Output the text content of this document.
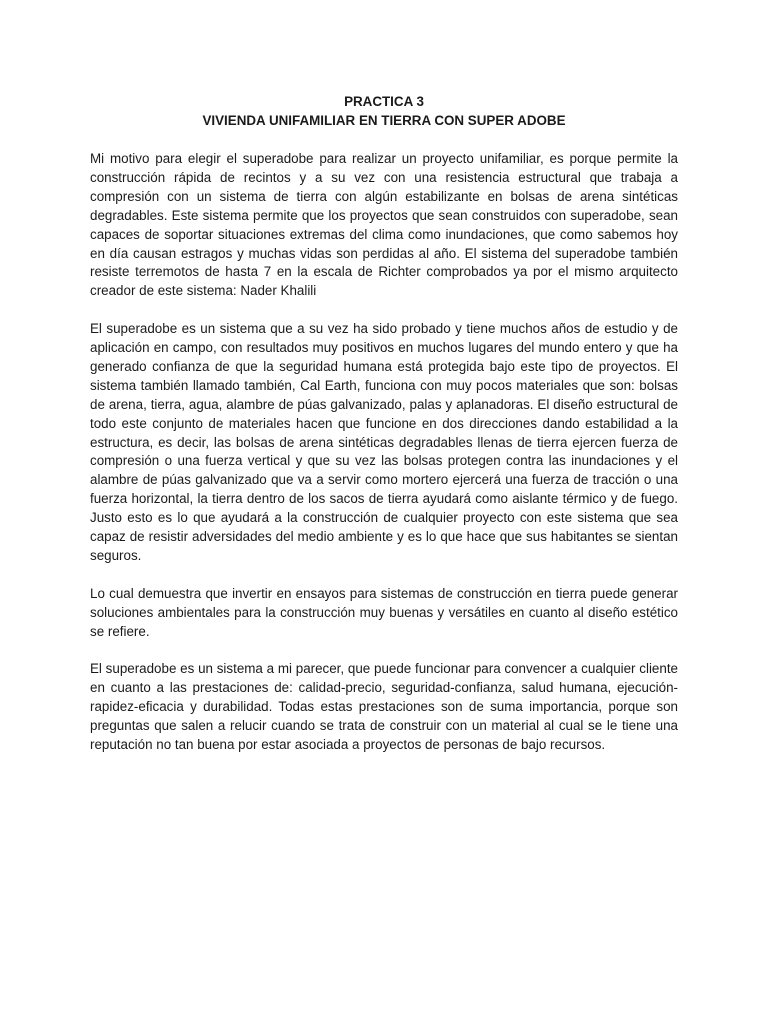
PRACTICA 3

VIVIENDA UNIFAMILIAR EN TIERRA CON SUPER ADOBE

Mi motivo para elegir el superadobe para realizar un proyecto unifamiliar, es porque permite la construcción rápida de recintos y a su vez con una resistencia estructural que trabaja a compresión con un sistema de tierra con algún estabilizante en bolsas de arena sintéticas degradables. Este sistema permite que los proyectos que sean construidos con superadobe, sean capaces de soportar situaciones extremas del clima como inundaciones, que como sabemos hoy en día causan estragos y muchas vidas son perdidas al año. El sistema del superadobe también resiste terremotos de hasta 7 en la escala de Richter comprobados ya por el mismo arquitecto creador de este sistema: Nader Khalili

El superadobe es un sistema que a su vez ha sido probado y tiene muchos años de estudio y de aplicación en campo, con resultados muy positivos en muchos lugares del mundo entero y que ha generado confianza de que la seguridad humana está protegida bajo este tipo de proyectos. El sistema también llamado también, Cal Earth, funciona con muy pocos materiales que son: bolsas de arena, tierra, agua, alambre de púas galvanizado, palas y aplanadoras. El diseño estructural de todo este conjunto de materiales hacen que funcione en dos direcciones dando estabilidad a la estructura, es decir, las bolsas de arena sintéticas degradables llenas de tierra ejercen fuerza de compresión o una fuerza vertical y que su vez las bolsas protegen contra las inundaciones y el alambre de púas galvanizado que va a servir como mortero ejercerá una fuerza de tracción o una fuerza horizontal, la tierra dentro de los sacos de tierra ayudará como aislante térmico y de fuego. Justo esto es lo que ayudará a la construcción de cualquier proyecto con este sistema que sea capaz de resistir adversidades del medio ambiente y es lo que hace que sus habitantes se sientan seguros.

Lo cual demuestra que invertir en ensayos para sistemas de construcción en tierra puede generar soluciones ambientales para la construcción muy buenas y versátiles en cuanto al diseño estético se refiere.

El superadobe es un sistema a mi parecer, que puede funcionar para convencer a cualquier cliente en cuanto a las prestaciones de: calidad-precio, seguridad-confianza, salud humana, ejecución-rapidez-eficacia y durabilidad. Todas estas prestaciones son de suma importancia, porque son preguntas que salen a relucir cuando se trata de construir con un material al cual se le tiene una reputación no tan buena por estar asociada a proyectos de personas de bajo recursos.
